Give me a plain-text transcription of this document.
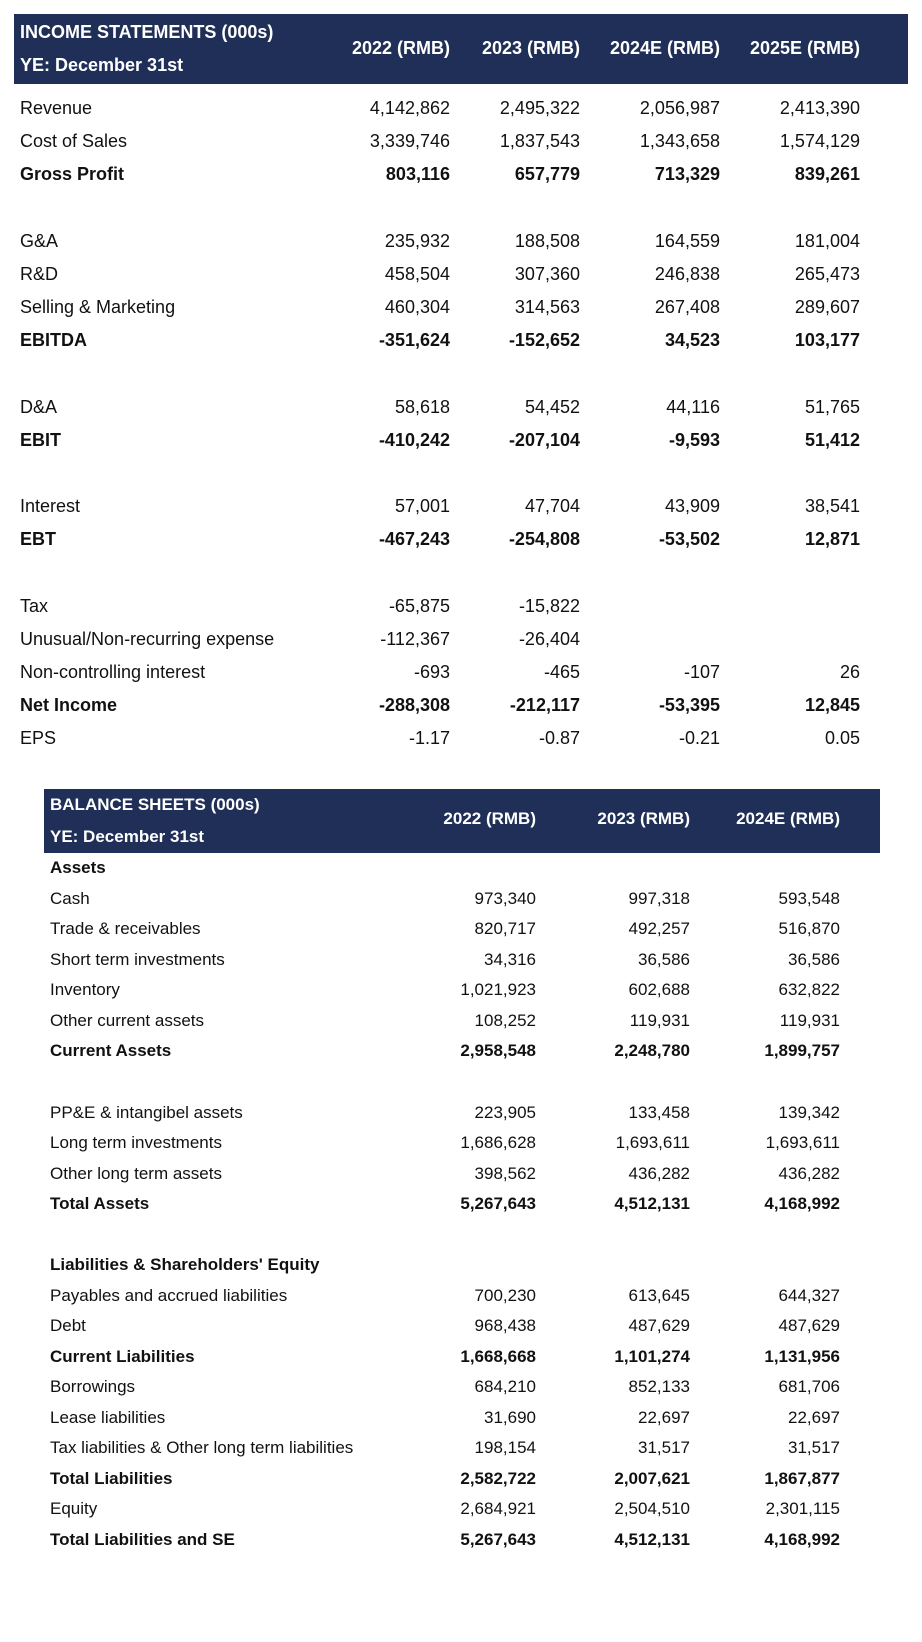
INCOME STATEMENTS (000s)
YE: December 31st
2022 (RMB) 2023 (RMB) 2024E (RMB) 2025E (RMB)
Revenue	4,142,862	2,495,322	2,056,987	2,413,390
Cost of Sales	3,339,746	1,837,543	1,343,658	1,574,129
Gross Profit	803,116	657,779	713,329	839,261
G&A	235,932	188,508	164,559	181,004
R&D	458,504	307,360	246,838	265,473
Selling & Marketing	460,304	314,563	267,408	289,607
EBITDA	-351,624	-152,652	34,523	103,177
D&A	58,618	54,452	44,116	51,765
EBIT	-410,242	-207,104	-9,593	51,412
Interest	57,001	47,704	43,909	38,541
EBT	-467,243	-254,808	-53,502	12,871
Tax	-65,875	-15,822
Unusual/Non-recurring expense	-112,367	-26,404
Non-controlling interest	-693	-465	-107	26
Net Income	-288,308	-212,117	-53,395	12,845
EPS	-1.17	-0.87	-0.21	0.05
BALANCE SHEETS (000s)
YE: December 31st
2022 (RMB)	2023 (RMB)	2024E (RMB)
Assets
Cash	973,340	997,318	593,548
Trade & receivables	820,717	492,257	516,870
Short term investments	34,316	36,586	36,586
Inventory	1,021,923	602,688	632,822
Other current assets	108,252	119,931	119,931
Current Assets	2,958,548	2,248,780	1,899,757
PP&E & intangibel assets	223,905	133,458	139,342
Long term investments	1,686,628	1,693,611	1,693,611
Other long term assets	398,562	436,282	436,282
Total Assets	5,267,643	4,512,131	4,168,992
Liabilities & Shareholders' Equity
Payables and accrued liabilities	700,230	613,645	644,327
Debt	968,438	487,629	487,629
Current Liabilities	1,668,668	1,101,274	1,131,956
Borrowings	684,210	852,133	681,706
Lease liabilities	31,690	22,697	22,697
Tax liabilities & Other long term liabilities	198,154	31,517	31,517
Total Liabilities	2,582,722	2,007,621	1,867,877
Equity	2,684,921	2,504,510	2,301,115
Total Liabilities and SE	5,267,643	4,512,131	4,168,992
